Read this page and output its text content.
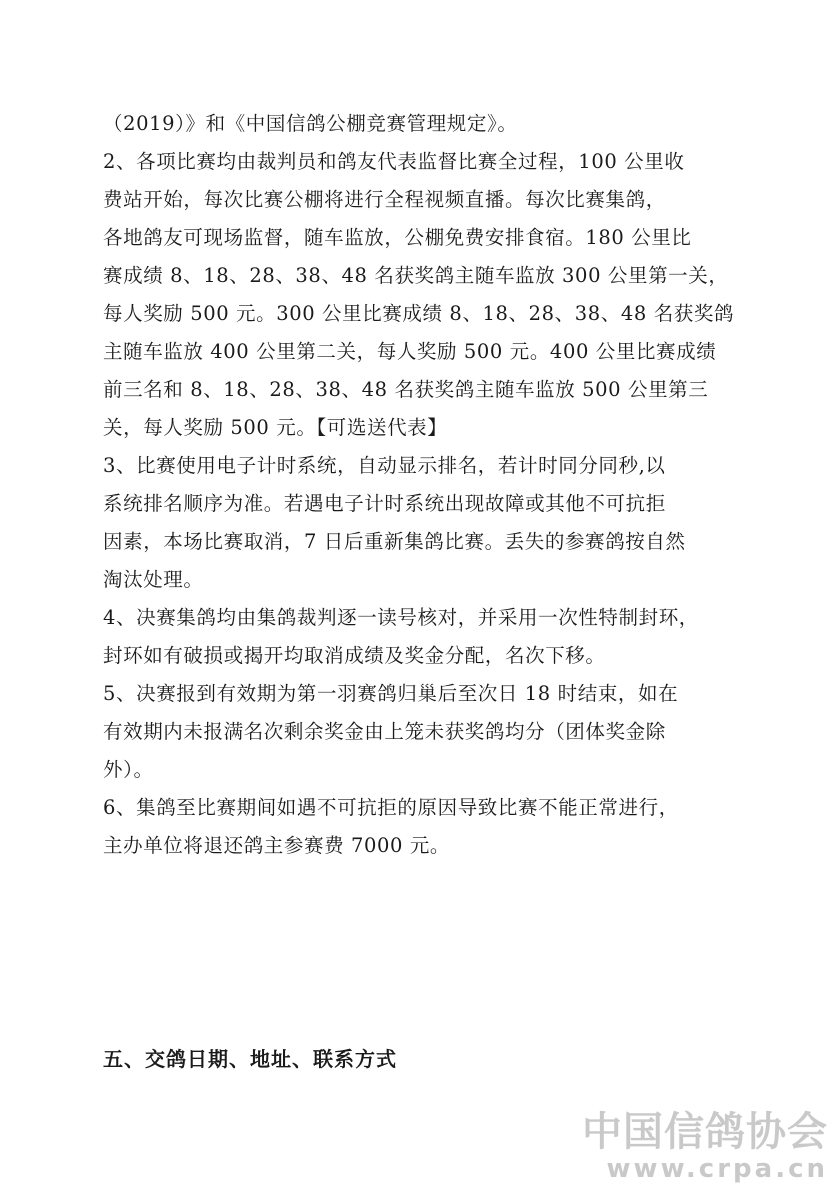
（2019）》和《中国信鸽公棚竞赛管理规定》。
2、各项比赛均由裁判员和鸽友代表监督比赛全过程，100 公里收
费站开始，每次比赛公棚将进行全程视频直播。每次比赛集鸽，
各地鸽友可现场监督，随车监放，公棚免费安排食宿。180 公里比
赛成绩 8、18、28、38、48 名获奖鸽主随车监放 300 公里第一关，
每人奖励 500 元。300 公里比赛成绩 8、18、28、38、48 名获奖鸽
主随车监放 400 公里第二关，每人奖励 500 元。400 公里比赛成绩
前三名和 8、18、28、38、48 名获奖鸽主随车监放 500 公里第三
关，每人奖励 500 元。【可选送代表】
3、比赛使用电子计时系统，自动显示排名，若计时同分同秒,以
系统排名顺序为准。若遇电子计时系统出现故障或其他不可抗拒
因素，本场比赛取消，7 日后重新集鸽比赛。丢失的参赛鸽按自然
淘汰处理。
4、决赛集鸽均由集鸽裁判逐一读号核对，并采用一次性特制封环，
封环如有破损或揭开均取消成绩及奖金分配，名次下移。
5、决赛报到有效期为第一羽赛鸽归巢后至次日 18 时结束，如在
有效期内未报满名次剩余奖金由上笼未获奖鸽均分（团体奖金除
外）。
6、集鸽至比赛期间如遇不可抗拒的原因导致比赛不能正常进行，
主办单位将退还鸽主参赛费 7000 元。
五、交鸽日期、地址、联系方式
中国信鸽协会
www.crpa.cn
